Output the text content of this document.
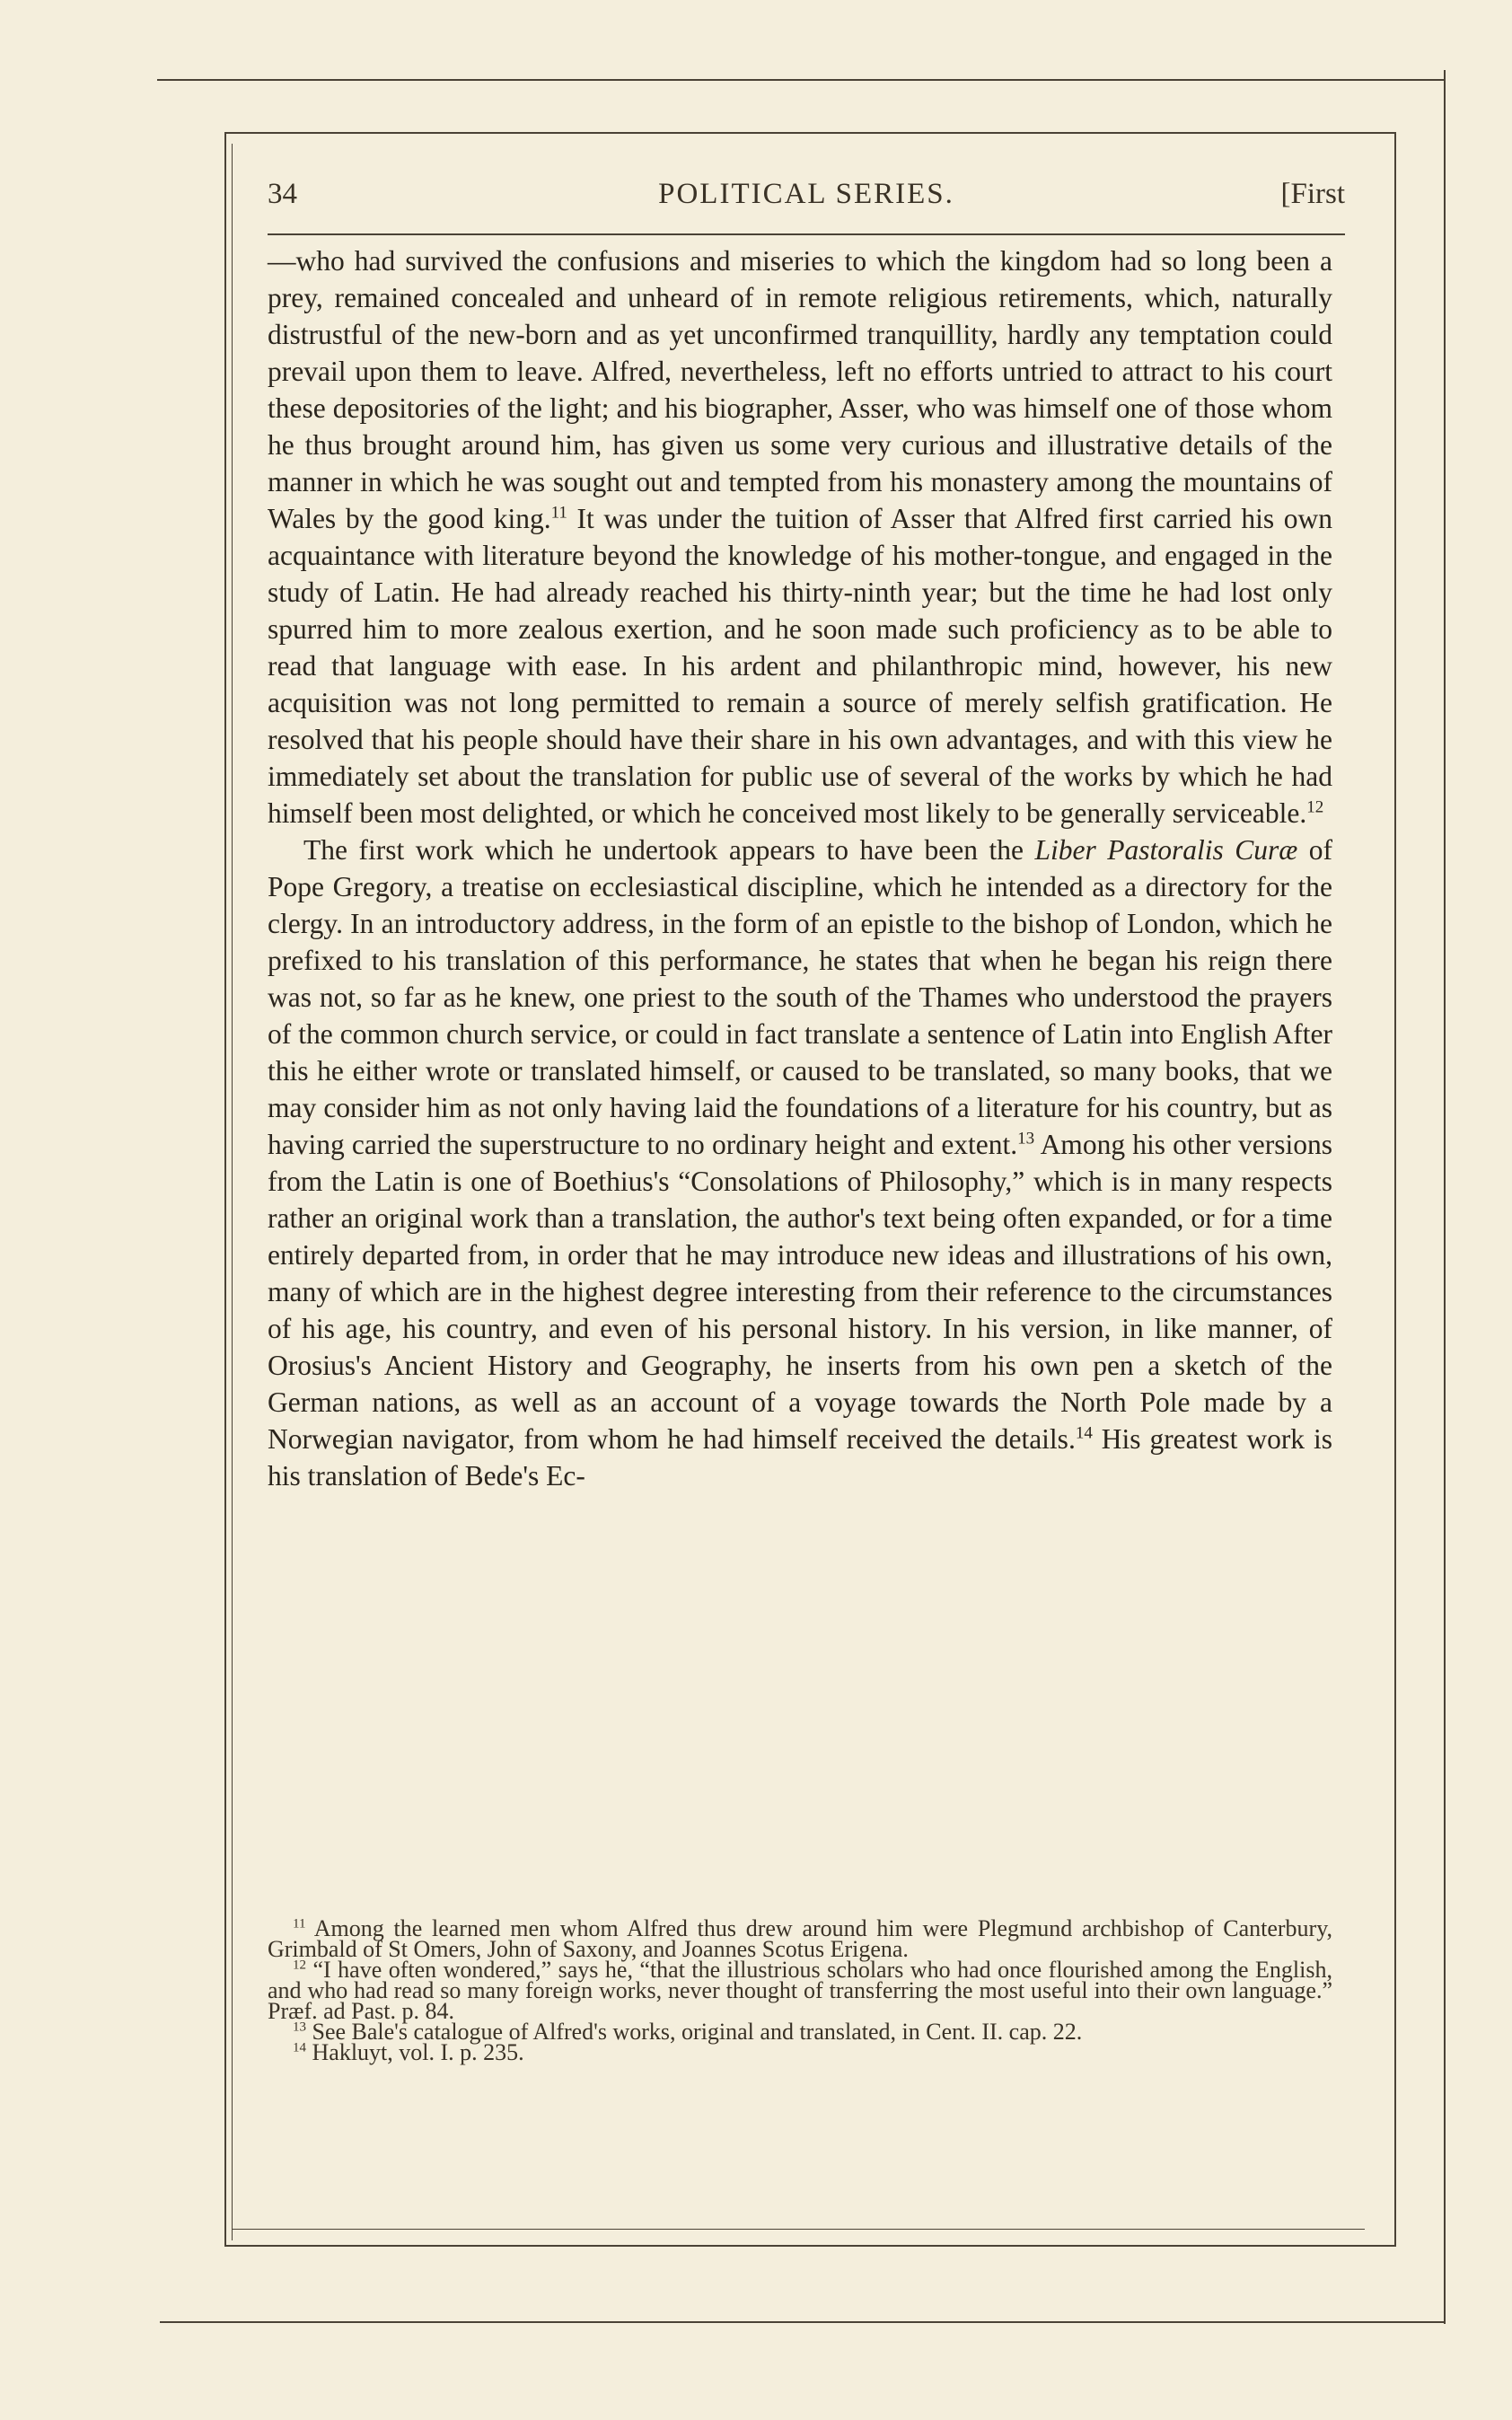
34	POLITICAL SERIES.	[First

—who had survived the confusions and miseries to which the kingdom had so long been a prey, remained concealed and unheard of in remote religious retirements, which, naturally distrustful of the new-born and as yet unconfirmed tranquillity, hardly any temptation could prevail upon them to leave. Alfred, nevertheless, left no efforts untried to attract to his court these depositories of the light; and his biographer, Asser, who was himself one of those whom he thus brought around him, has given us some very curious and illustrative details of the manner in which he was sought out and tempted from his monastery among the mountains of Wales by the good king.$^{11}$ It was under the tuition of Asser that Alfred first carried his own acquaintance with literature beyond the knowledge of his mother-tongue, and engaged in the study of Latin. He had already reached his thirty-ninth year; but the time he had lost only spurred him to more zealous exertion, and he soon made such proficiency as to be able to read that language with ease. In his ardent and philanthropic mind, however, his new acquisition was not long permitted to remain a source of merely selfish gratification. He resolved that his people should have their share in his own advantages, and with this view he immediately set about the translation for public use of several of the works by which he had himself been most delighted, or which he conceived most likely to be generally serviceable.$^{12}$

The first work which he undertook appears to have been the Liber Pastoralis Curæ of Pope Gregory, a treatise on ecclesiastical discipline, which he intended as a directory for the clergy. In an introductory address, in the form of an epistle to the bishop of London, which he prefixed to his translation of this performance, he states that when he began his reign there was not, so far as he knew, one priest to the south of the Thames who understood the prayers of the common church service, or could in fact translate a sentence of Latin into English After this he either wrote or translated himself, or caused to be translated, so many books, that we may consider him as not only having laid the foundations of a literature for his country, but as having carried the superstructure to no ordinary height and extent.$^{13}$ Among his other versions from the Latin is one of Boethius's “Consolations of Philosophy,” which is in many respects rather an original work than a translation, the author's text being often expanded, or for a time entirely departed from, in order that he may introduce new ideas and illustrations of his own, many of which are in the highest degree interesting from their reference to the circumstances of his age, his country, and even of his personal history. In his version, in like manner, of Orosius's Ancient History and Geography, he inserts from his own pen a sketch of the German nations, as well as an account of a voyage towards the North Pole made by a Norwegian navigator, from whom he had himself received the details.$^{14}$ His greatest work is his translation of Bede's Ec-

$^{11}$ Among the learned men whom Alfred thus drew around him were Plegmund archbishop of Canterbury, Grimbald of St Omers, John of Saxony, and Joannes Scotus Erigena.

$^{12}$ “I have often wondered,” says he, “that the illustrious scholars who had once flourished among the English, and who had read so many foreign works, never thought of transferring the most useful into their own language.” Præf. ad Past. p. 84.

$^{13}$ See Bale's catalogue of Alfred's works, original and translated, in Cent. II. cap. 22.

$^{14}$ Hakluyt, vol. I. p. 235.
